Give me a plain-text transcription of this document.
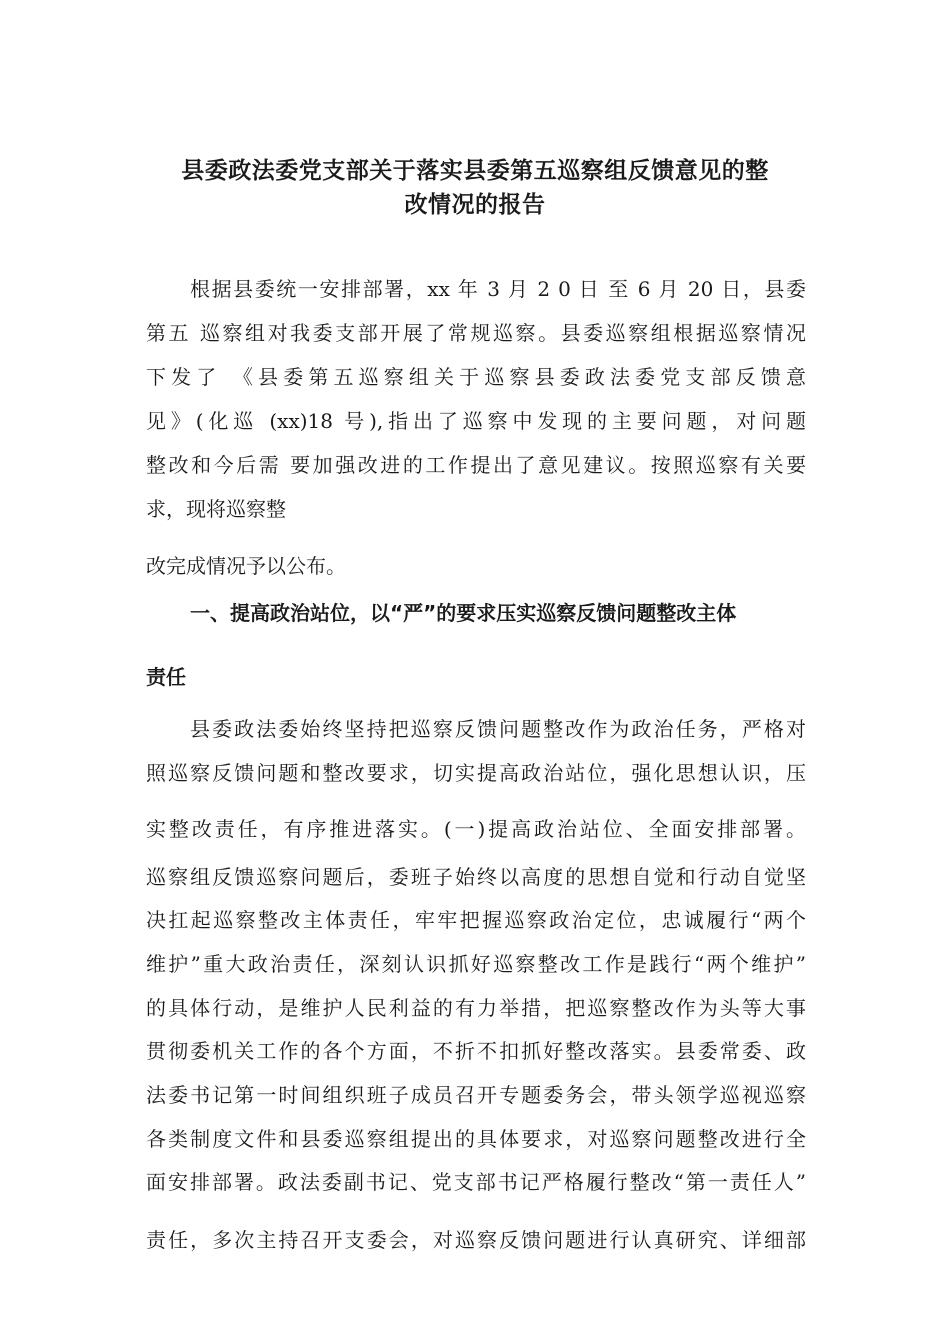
县委政法委党支部关于落实县委第五巡察组反馈意见的整
改情况的报告
根据县委统一安排部署，xx 年 3 月 2 0 日 至 6 月 20 日，县委
第五 巡察组对我委支部开展了常规巡察。县委巡察组根据巡察情况
下发了 《县委第五巡察组关于巡察县委政法委党支部反馈意
见》(化巡 (xx)18 号),指出了巡察中发现的主要问题，对问题
整改和今后需 要加强改进的工作提出了意见建议。按照巡察有关要
求，现将巡察整
改完成情况予以公布。
一、提高政治站位，以“严”的要求压实巡察反馈问题整改主体
责任
县委政法委始终坚持把巡察反馈问题整改作为政治任务，严格对
照巡察反馈问题和整改要求，切实提高政治站位，强化思想认识，压
实整改责任，有序推进落实。(一)提高政治站位、全面安排部署。
巡察组反馈巡察问题后，委班子始终以高度的思想自觉和行动自觉坚
决扛起巡察整改主体责任，牢牢把握巡察政治定位，忠诚履行“两个
维护”重大政治责任，深刻认识抓好巡察整改工作是践行“两个维护”
的具体行动，是维护人民利益的有力举措，把巡察整改作为头等大事
贯彻委机关工作的各个方面，不折不扣抓好整改落实。县委常委、政
法委书记第一时间组织班子成员召开专题委务会，带头领学巡视巡察
各类制度文件和县委巡察组提出的具体要求，对巡察问题整改进行全
面安排部署。政法委副书记、党支部书记严格履行整改“第一责任人”
责任，多次主持召开支委会，对巡察反馈问题进行认真研究、详细部
